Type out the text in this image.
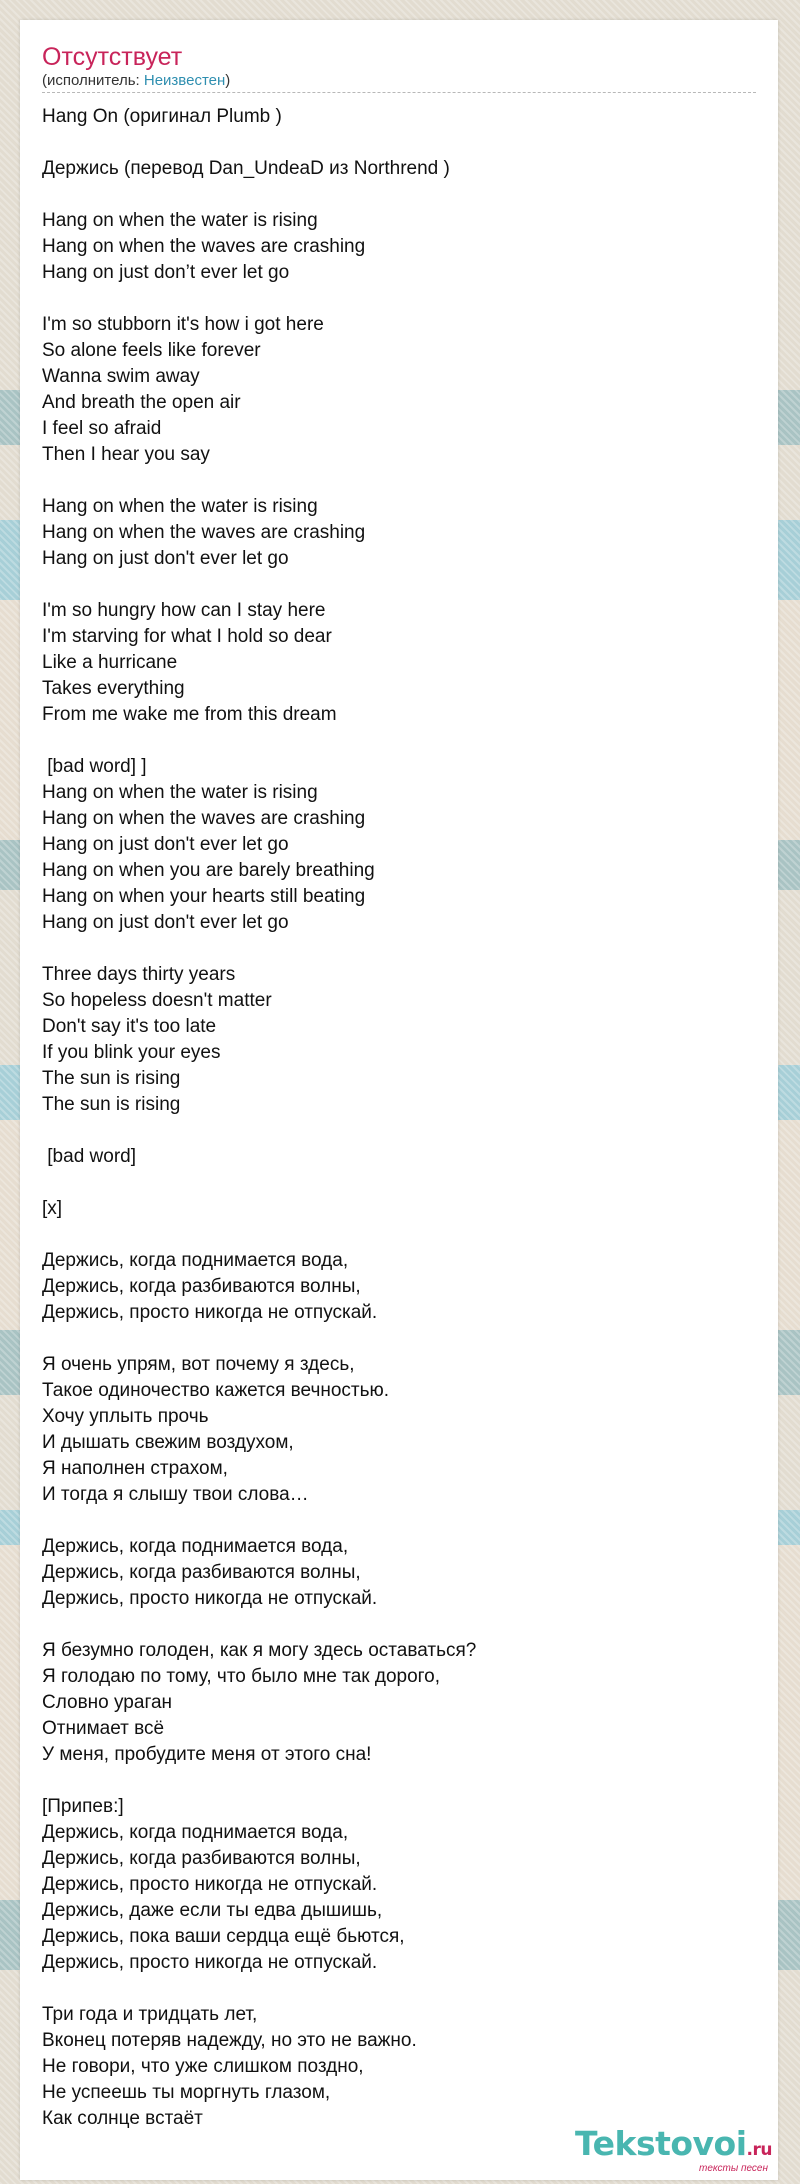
Отсутствует
(исполнитель: Неизвестен)
Hang On (оригинал Plumb )
Держись (перевод Dan_UndeaD из Northrend )
Hang on when the water is rising
Hang on when the waves are crashing
Hang on just don’t ever let go
I'm so stubborn it's how i got here
So alone feels like forever
Wanna swim away
And breath the open air
I feel so afraid
Then I hear you say
Hang on when the water is rising
Hang on when the waves are crashing
Hang on just don't ever let go
I'm so hungry how can I stay here
I'm starving for what I hold so dear
Like a hurricane
Takes everything
From me wake me from this dream
[bad word] ]
Hang on when the water is rising
Hang on when the waves are crashing
Hang on just don't ever let go
Hang on when you are barely breathing
Hang on when your hearts still beating
Hang on just don't ever let go
Three days thirty years
So hopeless doesn't matter
Don't say it's too late
If you blink your eyes
The sun is rising
The sun is rising
[bad word]
[x]
Держись, когда поднимается вода,
Держись, когда разбиваются волны,
Держись, просто никогда не отпускай.
Я очень упрям, вот почему я здесь,
Такое одиночество кажется вечностью.
Хочу уплыть прочь
И дышать свежим воздухом,
Я наполнен страхом,
И тогда я слышу твои слова…
Держись, когда поднимается вода,
Держись, когда разбиваются волны,
Держись, просто никогда не отпускай.
Я безумно голоден, как я могу здесь оставаться?
Я голодаю по тому, что было мне так дорого,
Словно ураган
Отнимает всё
У меня, пробудите меня от этого сна!
[Припев:]
Держись, когда поднимается вода,
Держись, когда разбиваются волны,
Держись, просто никогда не отпускай.
Держись, даже если ты едва дышишь,
Держись, пока ваши сердца ещё бьются,
Держись, просто никогда не отпускай.
Три года и тридцать лет,
Вконец потеряв надежду, но это не важно.
Не говори, что уже слишком поздно,
Не успеешь ты моргнуть глазом,
Как солнце встаёт
Tekstovoi.ru
тексты песен
